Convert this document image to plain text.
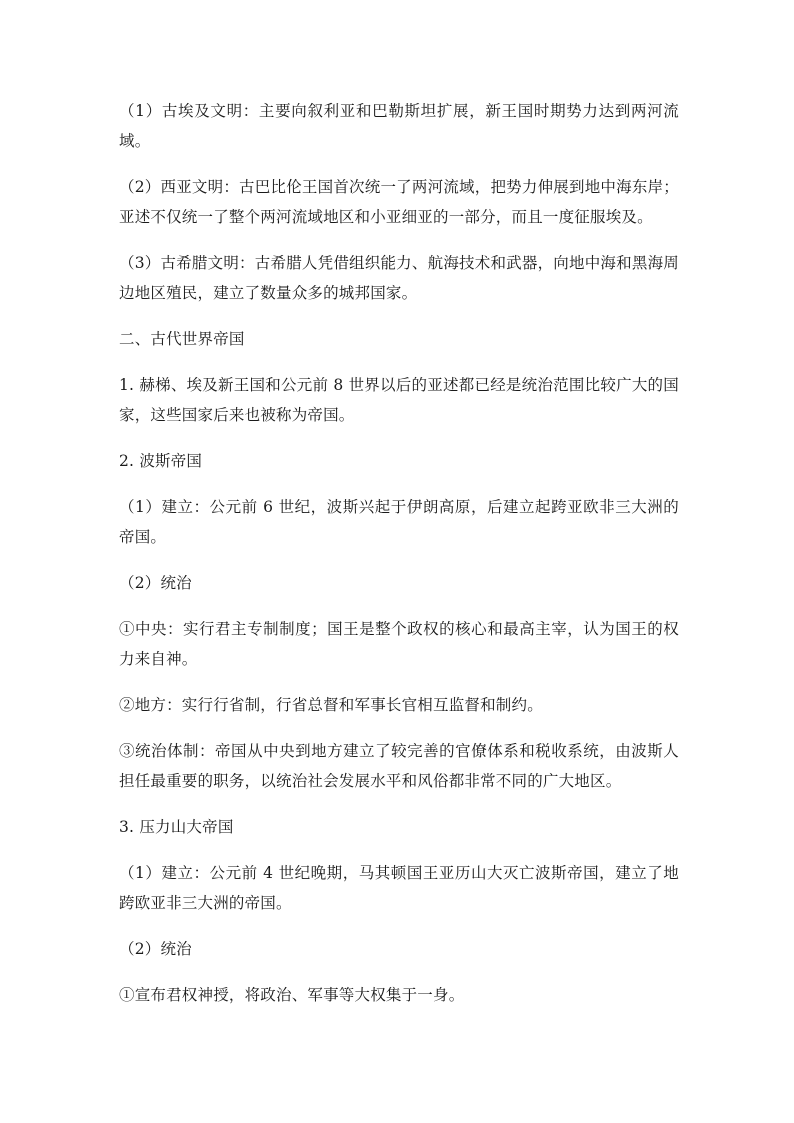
（1）古埃及文明：主要向叙利亚和巴勒斯坦扩展，新王国时期势力达到两河流域。

（2）西亚文明：古巴比伦王国首次统一了两河流域，把势力伸展到地中海东岸；亚述不仅统一了整个两河流域地区和小亚细亚的一部分，而且一度征服埃及。

（3）古希腊文明：古希腊人凭借组织能力、航海技术和武器，向地中海和黑海周边地区殖民，建立了数量众多的城邦国家。

二、古代世界帝国

1. 赫梯、埃及新王国和公元前 8 世界以后的亚述都已经是统治范围比较广大的国家，这些国家后来也被称为帝国。

2. 波斯帝国

（1）建立：公元前 6 世纪，波斯兴起于伊朗高原，后建立起跨亚欧非三大洲的帝国。

（2）统治

①中央：实行君主专制制度；国王是整个政权的核心和最高主宰，认为国王的权力来自神。

②地方：实行行省制，行省总督和军事长官相互监督和制约。

③统治体制：帝国从中央到地方建立了较完善的官僚体系和税收系统，由波斯人担任最重要的职务，以统治社会发展水平和风俗都非常不同的广大地区。

3. 压力山大帝国

（1）建立：公元前 4 世纪晚期，马其顿国王亚历山大灭亡波斯帝国，建立了地跨欧亚非三大洲的帝国。

（2）统治

①宣布君权神授，将政治、军事等大权集于一身。
